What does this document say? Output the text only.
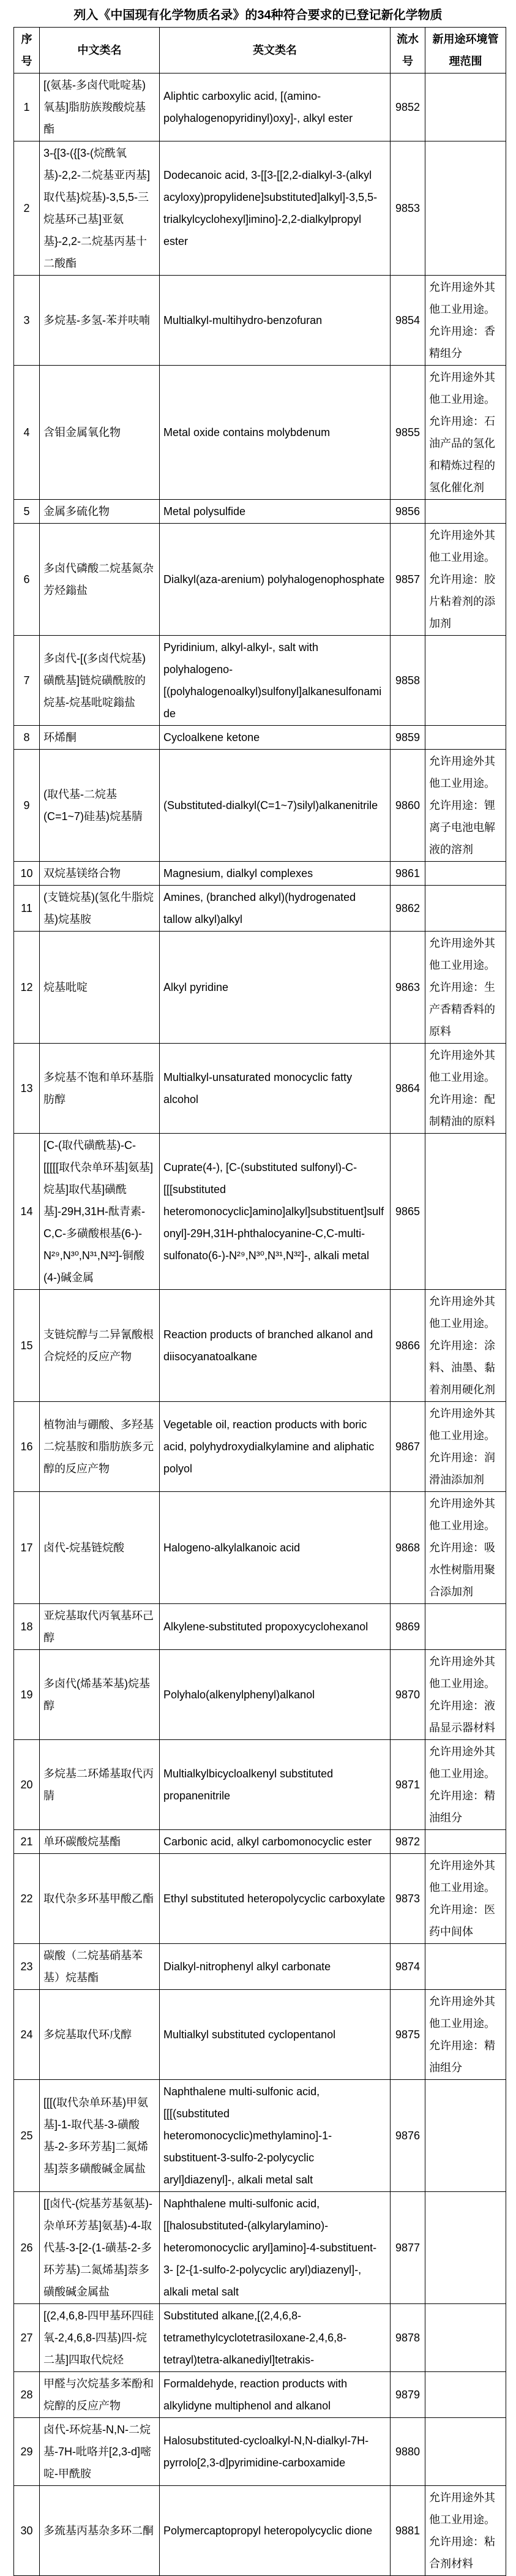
列入《中国现有化学物质名录》的34种符合要求的已登记新化学物质
序号	中文类名	英文类名	流水号	新用途环境管理范围
1	[(氨基-多卤代吡啶基)氧基]脂肪族羧酸烷基酯	Aliphtic carboxylic acid, [(amino-polyhalogenopyridinyl)oxy]-, alkyl ester	9852	
2	3-{[3-({[3-(烷酰氧基)-2,2-二烷基亚丙基]取代基}烷基)-3,5,5-三烷基环己基]亚氨基}-2,2-二烷基丙基十二酸酯	Dodecanoic acid, 3-[[3-[[2,2-dialkyl-3-(alkyl acyloxy)propylidene]substituted]alkyl]-3,5,5-trialkylcyclohexyl]imino]-2,2-dialkylpropyl ester	9853	
3	多烷基-多氢-苯并呋喃	Multialkyl-multihydro-benzofuran	9854	允许用途外其他工业用途。允许用途：香精组分
4	含钼金属氧化物	Metal oxide contains molybdenum	9855	允许用途外其他工业用途。允许用途：石油产品的氢化和精炼过程的氢化催化剂
5	金属多硫化物	Metal polysulfide	9856	
6	多卤代磷酸二烷基氮杂芳烃鎓盐	Dialkyl(aza-arenium) polyhalogenophosphate	9857	允许用途外其他工业用途。允许用途：胶片粘着剂的添加剂
7	多卤代-[(多卤代烷基)磺酰基]链烷磺酰胺的烷基-烷基吡啶鎓盐	Pyridinium, alkyl-alkyl-, salt with polyhalogeno-[(polyhalogenoalkyl)sulfonyl]alkanesulfonamide	9858	
8	环烯酮	Cycloalkene ketone	9859	
9	(取代基-二烷基(C=1~7)硅基)烷基腈	(Substituted-dialkyl(C=1~7)silyl)alkanenitrile	9860	允许用途外其他工业用途。允许用途：锂离子电池电解液的溶剂
10	双烷基镁络合物	Magnesium, dialkyl complexes	9861	
11	(支链烷基)(氢化牛脂烷基)烷基胺	Amines, (branched alkyl)(hydrogenated tallow alkyl)alkyl	9862	
12	烷基吡啶	Alkyl pyridine	9863	允许用途外其他工业用途。允许用途：生产香精香料的原料
13	多烷基不饱和单环基脂肪醇	Multialkyl-unsaturated monocyclic fatty alcohol	9864	允许用途外其他工业用途。允许用途：配制精油的原料
14	[C-(取代磺酰基)-C-[[[[[取代杂单环基]氨基]烷基]取代基]磺酰基]-29H,31H-酞青素-C,C-多磺酸根基(6-)-N²⁹,N³⁰,N³¹,N³²]-铜酸(4-)碱金属	Cuprate(4-), [C-(substituted sulfonyl)-C-[[[substituted heteromonocyclic]amino]alkyl]substituent]sulfonyl]-29H,31H-phthalocyanine-C,C-multi-sulfonato(6-)-N²⁹,N³⁰,N³¹,N³²]-, alkali metal	9865	
15	支链烷醇与二异氰酸根合烷烃的反应产物	Reaction products of branched alkanol and diisocyanatoalkane	9866	允许用途外其他工业用途。允许用途：涂料、油墨、黏着剂用硬化剂
16	植物油与硼酸、多羟基二烷基胺和脂肪族多元醇的反应产物	Vegetable oil, reaction products with boric acid, polyhydroxydialkylamine and aliphatic polyol	9867	允许用途外其他工业用途。允许用途：润滑油添加剂
17	卤代-烷基链烷酸	Halogeno-alkylalkanoic acid	9868	允许用途外其他工业用途。允许用途：吸水性树脂用聚合添加剂
18	亚烷基取代丙氧基环己醇	Alkylene-substituted propoxycyclohexanol	9869	
19	多卤代(烯基苯基)烷基醇	Polyhalo(alkenylphenyl)alkanol	9870	允许用途外其他工业用途。允许用途：液晶显示器材料
20	多烷基二环烯基取代丙腈	Multialkylbicycloalkenyl substituted propanenitrile	9871	允许用途外其他工业用途。允许用途：精油组分
21	单环碳酸烷基酯	Carbonic acid, alkyl carbomonocyclic ester	9872	
22	取代杂多环基甲酸乙酯	Ethyl substituted heteropolycyclic carboxylate	9873	允许用途外其他工业用途。允许用途：医药中间体
23	碳酸（二烷基硝基苯基）烷基酯	Dialkyl-nitrophenyl alkyl carbonate	9874	
24	多烷基取代环戊醇	Multialkyl substituted cyclopentanol	9875	允许用途外其他工业用途。允许用途：精油组分
25	[[[(取代杂单环基)甲氨基]-1-取代基-3-磺酸基-2-多环芳基]二氮烯基]萘多磺酸碱金属盐	Naphthalene multi-sulfonic acid, [[[(substituted heteromonocyclic)methylamino]-1-substituent-3-sulfo-2-polycyclic aryl]diazenyl]-, alkali metal salt	9876	
26	[[卤代-(烷基芳基氨基)-杂单环芳基]氨基)-4-取代基-3-[2-(1-磺基-2-多环芳基)二氮烯基]萘多磺酸碱金属盐	Naphthalene multi-sulfonic acid, [[halosubstituted-(alkylarylamino)-heteromonocyclic aryl]amino]-4-substituent-3- [2-{1-sulfo-2-polycyclic aryl)diazenyl]-, alkali metal salt	9877	
27	[(2,4,6,8-四甲基环四硅氧-2,4,6,8-四基)四-烷二基]四取代烷烃	Substituted alkane,[(2,4,6,8-tetramethylcyclotetrasiloxane-2,4,6,8-tetrayl)tetra-alkanediyl]tetrakis-	9878	
28	甲醛与次烷基多苯酚和烷醇的反应产物	Formaldehyde, reaction products with alkylidyne multiphenol and alkanol	9879	
29	卤代-环烷基-N,N-二烷基-7H-吡咯并[2,3-d]嘧啶-甲酰胺	Halosubstituted-cycloalkyl-N,N-dialkyl-7H-pyrrolo[2,3-d]pyrimidine-carboxamide	9880	
30	多巯基丙基杂多环二酮	Polymercaptopropyl heteropolycyclic dione	9881	允许用途外其他工业用途。允许用途：粘合剂材料
